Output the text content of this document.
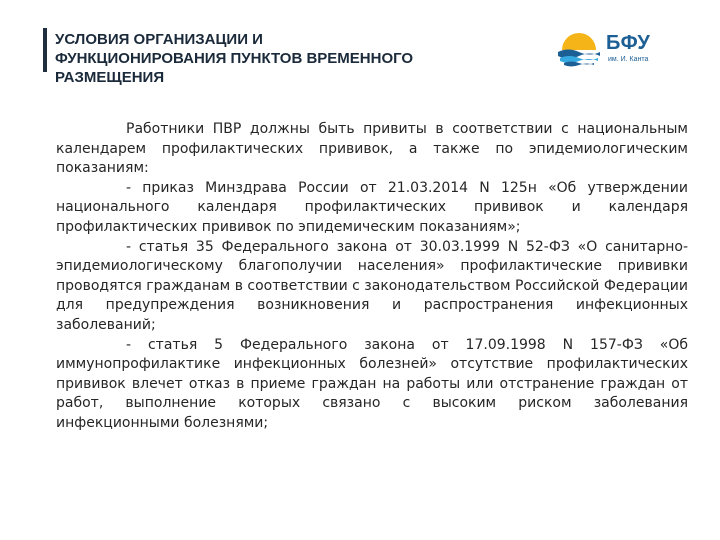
УСЛОВИЯ ОРГАНИЗАЦИИ И
ФУНКЦИОНИРОВАНИЯ ПУНКТОВ ВРЕМЕННОГО
РАЗМЕЩЕНИЯ
БФУ
им. И. Канта

Работники ПВР должны быть привиты в соответствии с национальным календарем профилактических прививок, а также по эпидемиологическим показаниям:

- приказ Минздрава России от 21.03.2014 N 125н «Об утверждении национального календаря профилактических прививок и календаря профилактических прививок по эпидемическим показаниям»;

- статья 35 Федерального закона от 30.03.1999 N 52-ФЗ «О санитарно-эпидемиологическому благополучии населения» профилактические прививки проводятся гражданам в соответствии с законодательством Российской Федерации для предупреждения возникновения и распространения инфекционных заболеваний;

- статья 5 Федерального закона от 17.09.1998 N 157-ФЗ «Об иммунопрофилактике инфекционных болезней» отсутствие профилактических прививок влечет отказ в приеме граждан на работы или отстранение граждан от работ, выполнение которых связано с высоким риском заболевания инфекционными болезнями;
